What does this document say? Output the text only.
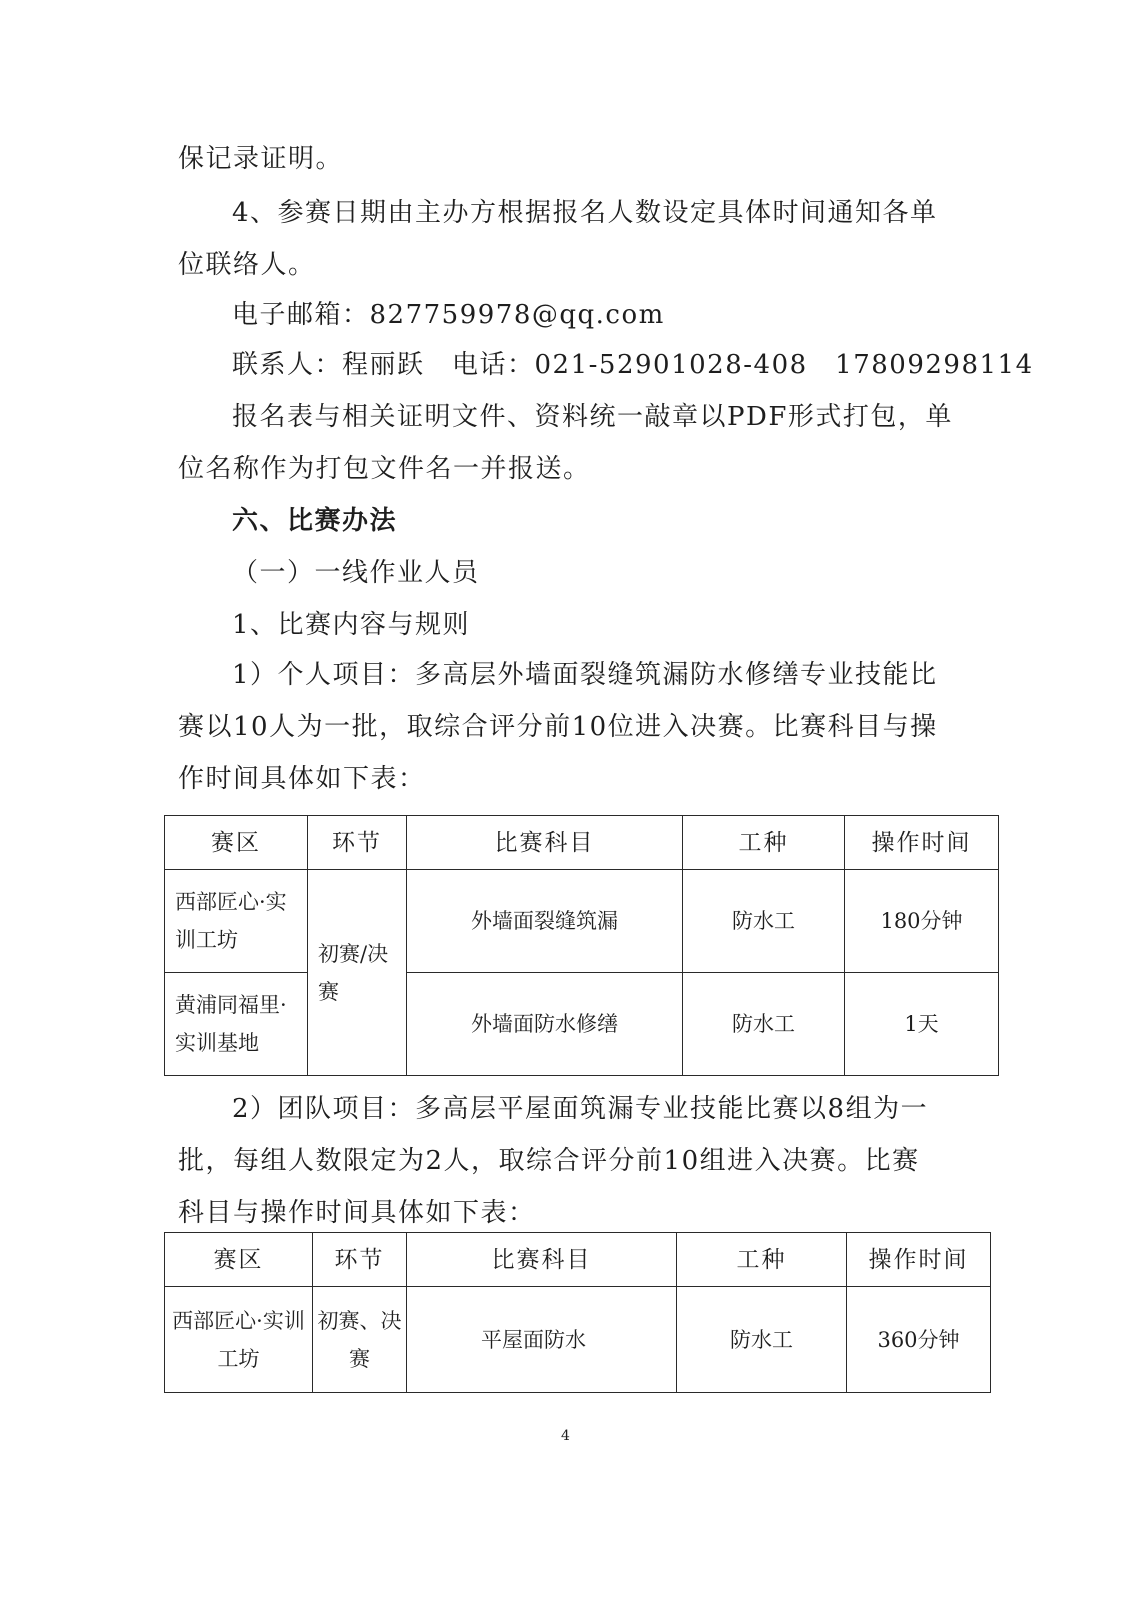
保记录证明。
4、参赛日期由主办方根据报名人数设定具体时间通知各单
位联络人。
电子邮箱：827759978@qq.com
联系人：程丽跃　电话：021-52901028-408　17809298114
报名表与相关证明文件、资料统一敲章以PDF形式打包，单
位名称作为打包文件名一并报送。
六、比赛办法
（一）一线作业人员
1、比赛内容与规则
1）个人项目：多高层外墙面裂缝筑漏防水修缮专业技能比
赛以10人为一批，取综合评分前10位进入决赛。比赛科目与操
作时间具体如下表：
赛区	环节	比赛科目	工种	操作时间
西部匠心·实训工坊	初赛/决赛	外墙面裂缝筑漏	防水工	180分钟
黄浦同福里·实训基地		外墙面防水修缮	防水工	1天
2）团队项目：多高层平屋面筑漏专业技能比赛以8组为一
批，每组人数限定为2人，取综合评分前10组进入决赛。比赛
科目与操作时间具体如下表：
赛区	环节	比赛科目	工种	操作时间
西部匠心·实训工坊	初赛、决赛	平屋面防水	防水工	360分钟
4
